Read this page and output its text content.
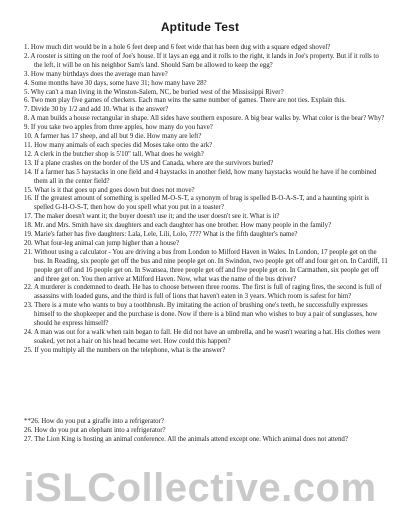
Aptitude Test
1. How much dirt would be in a hole 6 feet deep and 6 feet wide that has been dug with a square edged shovel?
2. A rooster is sitting on the roof of Joe's house. If it lays an egg and it rolls to the right, it lands in Joe's property. But if it rolls to the left, it will be on his neighbor Sam's land. Should Sam be allowed to keep the egg?
3. How many birthdays does the average man have?
4. Some months have 30 days, some have 31; how many have 28?
5. Why can't a man living in the Winston-Salem, NC, be buried west of the Mississippi River?
6. Two men play five games of checkers. Each man wins the same number of games. There are not ties. Explain this.
7. Divide 30 by 1/2 and add 10. What is the answer?
8. A man builds a house rectangular in shape. All sides have southern exposure. A big bear walks by. What color is the bear? Why?
9. If you take two apples from three apples, how many do you have?
10. A farmer has 17 sheep, and all but 9 die. How many are left?
11. How many animals of each species did Moses take onto the ark?
12. A clerk in the butcher shop is 5'10" tall. What does he weigh?
13. If a plane crashes on the border of the US and Canada, where are the survivors buried?
14. If a farmer has 5 haystacks in one field and 4 haystacks in another field, how many haystacks would he have if he combined them all in the center field?
15. What is it that goes up and goes down but does not move?
16. If the greatest amount of something is spelled M-O-S-T, a synonym of brag is spelled B-O-A-S-T, and a haunting spirit is spelled G-H-O-S-T, then how do you spell what you put in a toaster?
17. The maker doesn't want it; the buyer doesn't use it; and the user doesn't see it. What is it?
18. Mr. and Mrs. Smith have six daughters and each daughter has one brother. How many people in the family?
19. Marie's father has five daughters: Lala, Lele, Lili, Lolo, ???? What is the fifth daughter's name?
20. What four-leg animal can jump higher than a house?
21. Without using a calculator - You are driving a bus from London to Milford Haven in Wales. In London, 17 people get on the bus. In Reading, six people get off the bus and nine people get on. In Swindon, two people get off and four get on. In Cardiff, 11 people get off and 16 people get on. In Swansea, three people get off and five people get on. In Carmathen, six people get off and three get on. You then arrive at Milford Haven. Now, what was the name of the bus driver?
22. A murderer is condemned to death. He has to choose between three rooms. The first is full of raging fires, the second is full of assassins with loaded guns, and the third is full of lions that haven't eaten in 3 years. Which room is safest for him?
23. There is a mute who wants to buy a toothbrush. By imitating the action of brushing one's teeth, he successfully expresses himself to the shopkeeper and the purchase is done. Now if there is a blind man who wishes to buy a pair of sunglasses, how should he express himself?
24. A man was out for a walk when rain began to fall. He did not have an umbrella, and he wasn't wearing a hat. His clothes were soaked, yet not a hair on his head became wet. How could this happen?
25. If you multiply all the numbers on the telephone, what is the answer?
**26. How do you put a giraffe into a refrigerator?
26. How do you put an elephant into a refrigerator?
27. The Lion King is hosting an animal conference. All the animals attend except one. Which animal does not attend?
iSLCollective.com
